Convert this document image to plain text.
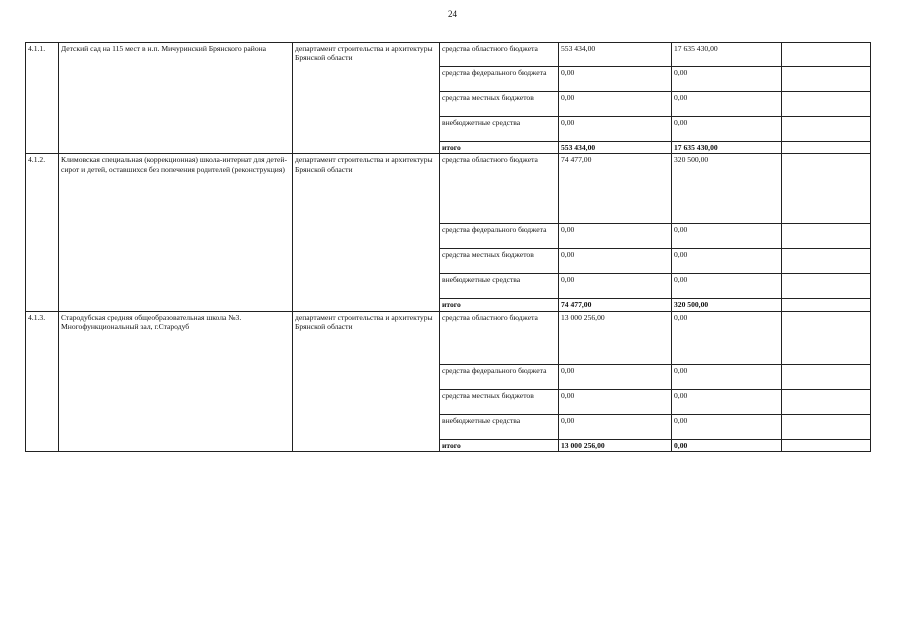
24
4.1.1.	Детский сад на 115 мест в н.п. Мичуринский Брянского района	департамент строительства и архитектуры Брянской области	средства областного бюджета	553 434,00	17 635 430,00	
			средства федерального бюджета	0,00	0,00	
			средства местных бюджетов	0,00	0,00	
			внебюджетные средства	0,00	0,00	
			итого	553 434,00	17 635 430,00	
4.1.2.	Климовская специальная (коррекционная) школа-интернат для детей-сирот и детей, оставшихся без попечения родителей (реконструкция)	департамент строительства и архитектуры Брянской области	средства областного бюджета	74 477,00	320 500,00	
			средства федерального бюджета	0,00	0,00	
			средства местных бюджетов	0,00	0,00	
			внебюджетные средства	0,00	0,00	
			итого	74 477,00	320 500,00	
4.1.3.	Стародубская средняя общеобразовательная школа №3. Многофункциональный зал, г.Стародуб	департамент строительства и архитектуры Брянской области	средства областного бюджета	13 000 256,00	0,00	
			средства федерального бюджета	0,00	0,00	
			средства местных бюджетов	0,00	0,00	
			внебюджетные средства	0,00	0,00	
			итого	13 000 256,00	0,00	
